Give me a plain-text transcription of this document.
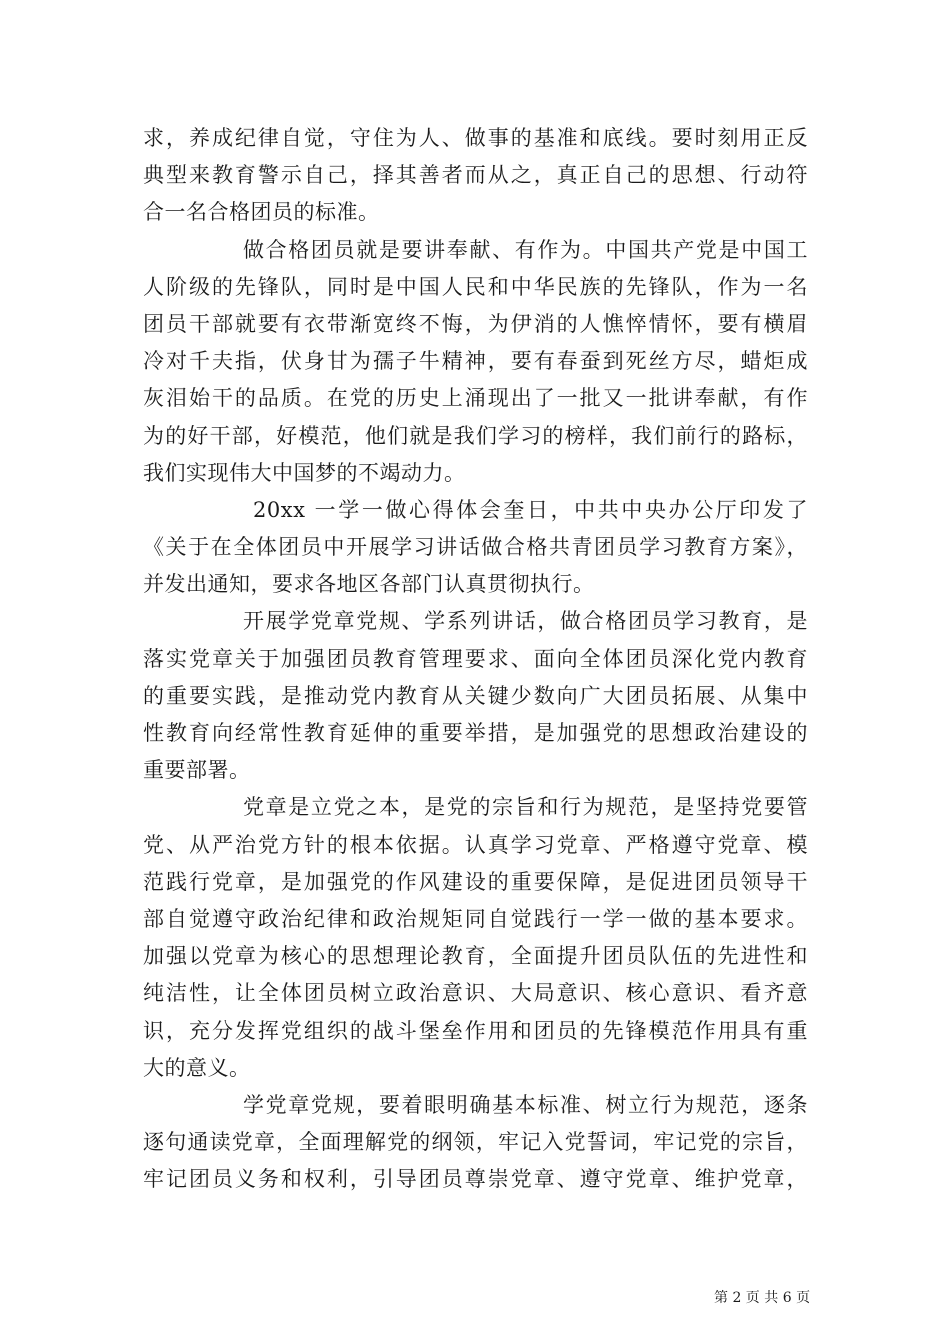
求，养成纪律自觉，守住为人、做事的基准和底线。要时刻用正反
典型来教育警示自己，择其善者而从之，真正自己的思想、行动符
合一名合格团员的标准。
做合格团员就是要讲奉献、有作为。中国共产党是中国工
人阶级的先锋队，同时是中国人民和中华民族的先锋队，作为一名
团员干部就要有衣带渐宽终不悔，为伊消的人憔悴情怀，要有横眉
冷对千夫指，伏身甘为孺子牛精神，要有春蚕到死丝方尽，蜡炬成
灰泪始干的品质。在党的历史上涌现出了一批又一批讲奉献，有作
为的好干部，好模范，他们就是我们学习的榜样，我们前行的路标，
我们实现伟大中国梦的不竭动力。
20xx 一学一做心得体会奎日，中共中央办公厅印发了
《关于在全体团员中开展学习讲话做合格共青团员学习教育方案》，
并发出通知，要求各地区各部门认真贯彻执行。
开展学党章党规、学系列讲话，做合格团员学习教育，是
落实党章关于加强团员教育管理要求、面向全体团员深化党内教育
的重要实践，是推动党内教育从关键少数向广大团员拓展、从集中
性教育向经常性教育延伸的重要举措，是加强党的思想政治建设的
重要部署。
党章是立党之本，是党的宗旨和行为规范，是坚持党要管
党、从严治党方针的根本依据。认真学习党章、严格遵守党章、模
范践行党章，是加强党的作风建设的重要保障，是促进团员领导干
部自觉遵守政治纪律和政治规矩同自觉践行一学一做的基本要求。
加强以党章为核心的思想理论教育，全面提升团员队伍的先进性和
纯洁性，让全体团员树立政治意识、大局意识、核心意识、看齐意
识，充分发挥党组织的战斗堡垒作用和团员的先锋模范作用具有重
大的意义。
学党章党规，要着眼明确基本标准、树立行为规范，逐条
逐句通读党章，全面理解党的纲领，牢记入党誓词，牢记党的宗旨，
牢记团员义务和权利，引导团员尊崇党章、遵守党章、维护党章，
第 2 页 共 6 页
